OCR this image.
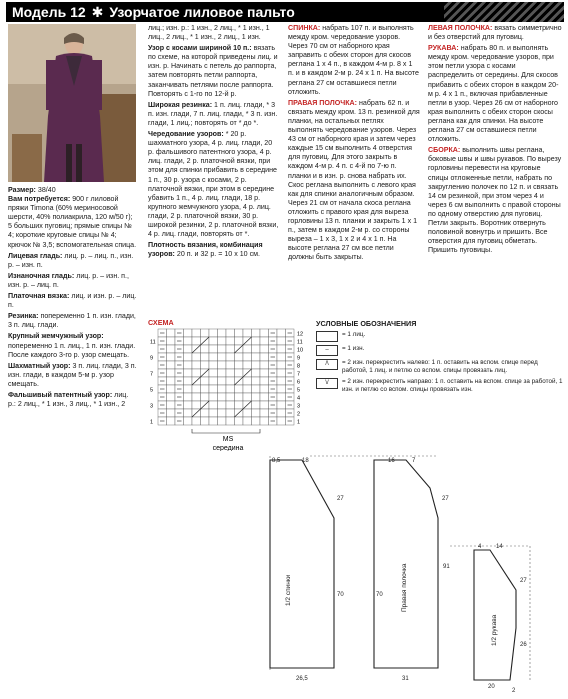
Модель 12 ✱ Узорчатое лиловое пальто

Размер: 38/40

Вам потребуется: 900 г лиловой пряжи Timona (60% мериносовой шерсти, 40% полиакрила, 120 м/50 г); 5 больших пуговиц; прямые спицы № 4; короткие круговые спицы № 4; крючок № 3,5; вспомогательная спица.

Лицевая гладь: лиц. р. – лиц. п., изн. р. – изн. п.

Изнаночная гладь: лиц. р. – изн. п., изн. р. – лиц. п.

Платочная вязка: лиц. и изн. р. – лиц. п.

Резинка: попеременно 1 п. изн. глади, 3 п. лиц. глади.

Крупный жемчужный узор: попеременно 1 п. лиц., 1 п. изн. глади. После каждого 3-го р. узор смещать.

Шахматный узор: 3 п. лиц. глади, 3 п. изн. глади, в каждом 5-м р. узор смещать.

Фальшивый патентный узор: лиц. р.: 2 лиц., * 1 изн., 3 лиц., * 1 изн., 2

лиц.; изн. р.: 1 изн., 2 лиц., * 1 изн., 1 лиц., 2 лиц., * 1 изн., 2 лиц., 1 изн.

Узор с косами шириной 10 п.: вязать по схеме, на которой приведены лиц. и изн. р. Начинать с петель до раппорта, затем повторять петли раппорта, заканчивать петлями после раппорта. Повторять с 1-го по 12-й р.

Широкая резинка: 1 п. лиц. глади, * 3 п. изн. глади, 7 п. лиц. глади, * 3 п. изн. глади, 1 лиц.; повторять от * до *.

Чередование узоров: * 20 р. шахматного узора, 4 р. лиц. глади, 20 р. фальшивого патентного узора, 4 р. лиц. глади, 2 р. платочной вязки, при этом для спинки прибавить в середине 1 п., 30 р. узора с косами, 2 р. платочной вязки, при этом в середине убавить 1 п., 4 р. лиц. глади, 18 р. крупного жемчужного узора, 4 р. лиц. глади, 2 р. платочной вязки, 30 р. широкой резинки, 2 р. платочной вязки, 4 р. лиц. глади, повторять от *.

Плотность вязания, комбинация узоров: 20 п. и 32 р. = 10 х 10 см.

СПИНКА: набрать 107 п. и выполнять между кром. чередование узоров. Через 70 см от наборного края заправить с обеих сторон для скосов реглана 1 х 4 п., в каждом 4-м р. 8 х 1 п. и в каждом 2-м р. 24 х 1 п. На высоте реглана 27 см оставшиеся петли отложить.

ПРАВАЯ ПОЛОЧКА: набрать 62 п. и связать между кром. 13 п. резинкой для планки, на остальных петлях выполнять чередование узоров. Через 43 см от наборного края и затем через каждые 15 см выполнить 4 отверстия для пуговиц. Для этого закрыть в каждом 4-м р. 4 п. с 4-й по 7-ю п. планки и в изн. р. снова набрать их. Скос реглана выполнить с левого края как для спинки аналогичным образом. Через 21 см от начала скоса реглана отложить с правого края для выреза горловины 13 п. планки и закрыть 1 х 1 п., затем в каждом 2-м р. со стороны выреза – 1 х 3, 1 х 2 и 4 х 1 п. На высоте реглана 27 см все петли должны быть закрыты.

ЛЕВАЯ ПОЛОЧКА: вязать симметрично и без отверстий для пуговиц.

РУКАВА: набрать 80 п. и выполнять между кром. чередование узоров, при этом петли узора с косами распределить от середины. Для скосов прибавить с обеих сторон в каждом 20-м р. 4 х 1 п., включая прибавленные петли в узор. Через 26 см от наборного края выполнить с обеих сторон скосы реглана как для спинки. На высоте реглана 27 см оставшиеся петли отложить.

СБОРКА: выполнить швы реглана, боковые швы и швы рукавов. По вырезу горловины перевести на круговые спицы отложенные петли, набрать по закруглению полочек по 12 п. и связать 14 см резинкой, при этом через 4 и через 6 см выполнить с правой стороны по одному отверстию для пуговиц. Петли закрыть. Воротник отвернуть половиной вовнутрь и пришить. Все отверстия для пуговиц обметать. Пришить пуговицы.

СХЕМА
12
11
11
10
9
9
8
7
7
6
5
5
4
3
3
2
1
1
MS
середина
УСЛОВНЫЕ ОБОЗНАЧЕНИЯ
= 1 лиц.
–	= 1 изн.
/\	= 2 изн. перекрестить налево: 1 п. оставить на вспом. спице перед работой, 1 лиц. и петлю со вспом. спицы провязать лиц.
\/	= 2 изн. перекрестить направо: 1 п. оставить на вспом. спице за работой, 1 изн. и петлю со вспом. спицы провязать изн.
8,5	18
27
70
26,5
1/2 спинки
16	7
27
70
31
Правая полочка	91
4 14
27
26
20
2
1/2 рукава
